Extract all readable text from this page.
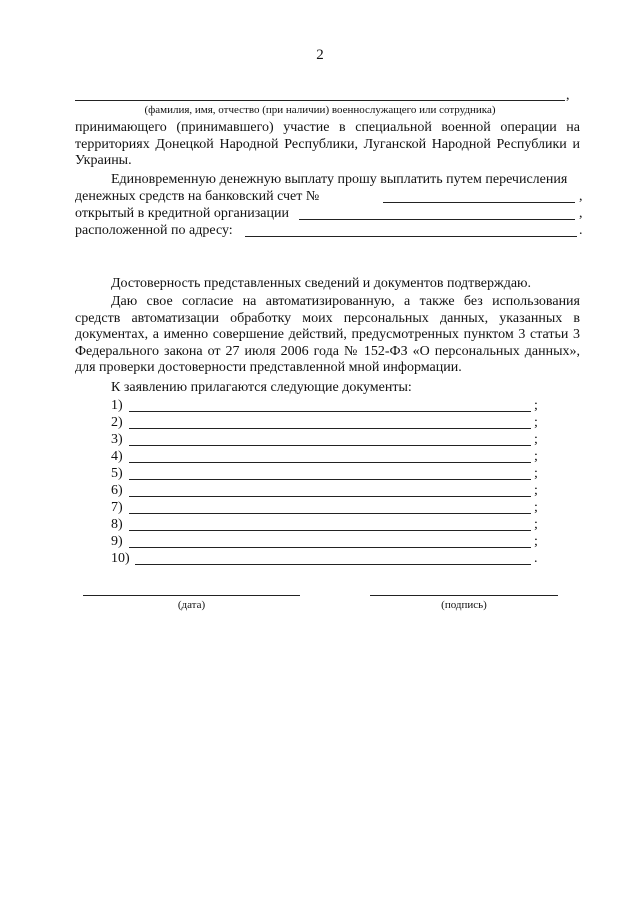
2
,
(фамилия, имя, отчество (при наличии) военнослужащего или сотрудника)
принимающего (принимавшего) участие в специальной военной операции на территориях Донецкой Народной Республики, Луганской Народной Республики и Украины.
Единовременную денежную выплату прошу выплатить путем перечисления
денежных средств на банковский счет №	,
открытый в кредитной организации	,
расположенной по адресу:	.
Достоверность представленных сведений и документов подтверждаю.
Даю свое согласие на автоматизированную, а также без использования средств автоматизации обработку моих персональных данных, указанных в документах, а именно совершение действий, предусмотренных пунктом 3 статьи 3 Федерального закона от 27 июля 2006 года № 152-ФЗ «О персональных данных», для проверки достоверности представленной мной информации.
К заявлению прилагаются следующие документы:
1)	;
2)	;
3)	;
4)	;
5)	;
6)	;
7)	;
8)	;
9)	;
10)	.
(дата)	(подпись)
